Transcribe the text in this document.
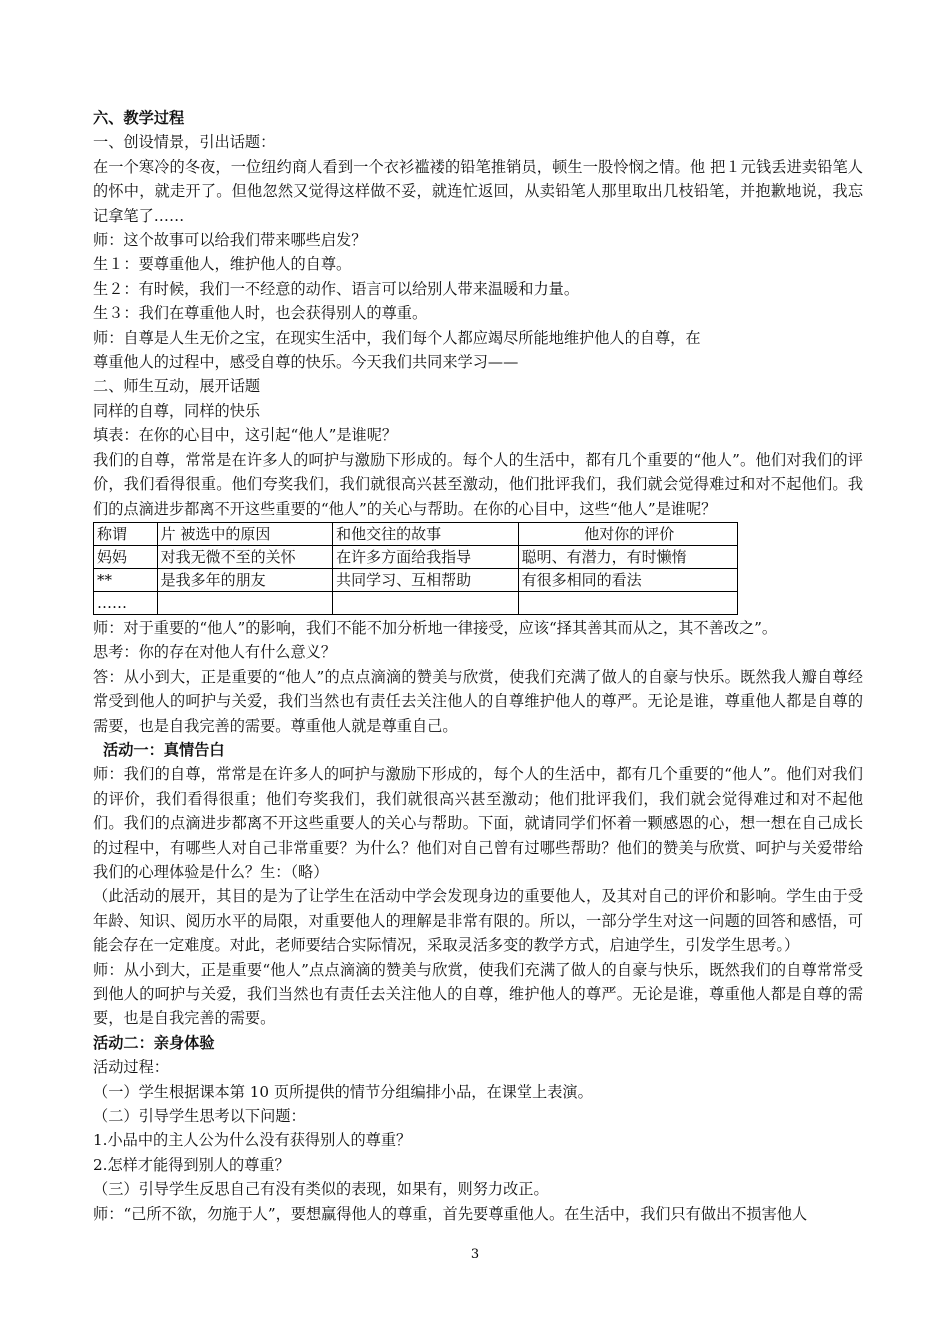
六、教学过程
一、创设情景，引出话题：
在一个寒冷的冬夜，一位纽约商人看到一个衣衫褴褛的铅笔推销员，顿生一股怜悯之情。他 把１元钱丢进卖铅笔人的怀中，就走开了。但他忽然又觉得这样做不妥，就连忙返回，从卖铅笔人那里取出几枝铅笔，并抱歉地说，我忘记拿笔了……
师：这个故事可以给我们带来哪些启发？
生１：要尊重他人，维护他人的自尊。
生２：有时候，我们一不经意的动作、语言可以给别人带来温暖和力量。
生３：我们在尊重他人时，也会获得别人的尊重。
师：自尊是人生无价之宝，在现实生活中，我们每个人都应竭尽所能地维护他人的自尊，在
尊重他人的过程中，感受自尊的快乐。今天我们共同来学习——
二、师生互动，展开话题
同样的自尊，同样的快乐
填表：在你的心目中，这引起“他人”是谁呢？
我们的自尊，常常是在许多人的呵护与激励下形成的。每个人的生活中，都有几个重要的“他人”。他们对我们的评价，我们看得很重。他们夸奖我们，我们就很高兴甚至激动，他们批评我们，我们就会觉得难过和对不起他们。我们的点滴进步都离不开这些重要的“他人”的关心与帮助。在你的心目中，这些“他人”是谁呢？
称谓	片 被选中的原因	和他交往的故事	他对你的评价
妈妈	对我无微不至的关怀	在许多方面给我指导	聪明、有潜力，有时懒惰
**	是我多年的朋友	共同学习、互相帮助	有很多相同的看法
……			
师：对于重要的“他人”的影响，我们不能不加分析地一律接受，应该“择其善其而从之，其不善改之”。
思考：你的存在对他人有什么意义？
答：从小到大，正是重要的“他人”的点点滴滴的赞美与欣赏，使我们充满了做人的自豪与快乐。既然我人瓣自尊经常受到他人的呵护与关爱，我们当然也有责任去关注他人的自尊维护他人的尊严。无论是谁，尊重他人都是自尊的需要，也是自我完善的需要。尊重他人就是尊重自己。
活动一：真情告白
师：我们的自尊，常常是在许多人的呵护与激励下形成的，每个人的生活中，都有几个重要的“他人”。他们对我们的评价，我们看得很重；他们夸奖我们，我们就很高兴甚至激动；他们批评我们，我们就会觉得难过和对不起他们。我们的点滴进步都离不开这些重要人的关心与帮助。下面，就请同学们怀着一颗感恩的心，想一想在自己成长的过程中，有哪些人对自己非常重要？为什么？他们对自己曾有过哪些帮助？他们的赞美与欣赏、呵护与关爱带给我们的心理体验是什么？生：（略）
（此活动的展开，其目的是为了让学生在活动中学会发现身边的重要他人，及其对自己的评价和影响。学生由于受年龄、知识、阅历水平的局限，对重要他人的理解是非常有限的。所以，一部分学生对这一问题的回答和感悟，可能会存在一定难度。对此，老师要结合实际情况，采取灵活多变的教学方式，启迪学生，引发学生思考。）
师：从小到大，正是重要“他人”点点滴滴的赞美与欣赏，使我们充满了做人的自豪与快乐，既然我们的自尊常常受到他人的呵护与关爱，我们当然也有责任去关注他人的自尊，维护他人的尊严。无论是谁，尊重他人都是自尊的需要，也是自我完善的需要。
活动二：亲身体验
活动过程：
（一）学生根据课本第 10 页所提供的情节分组编排小品，在课堂上表演。
（二）引导学生思考以下问题：
1.小品中的主人公为什么没有获得别人的尊重？
2.怎样才能得到别人的尊重？
（三）引导学生反思自己有没有类似的表现，如果有，则努力改正。
师：“己所不欲，勿施于人”，要想赢得他人的尊重，首先要尊重他人。在生活中，我们只有做出不损害他人
3
